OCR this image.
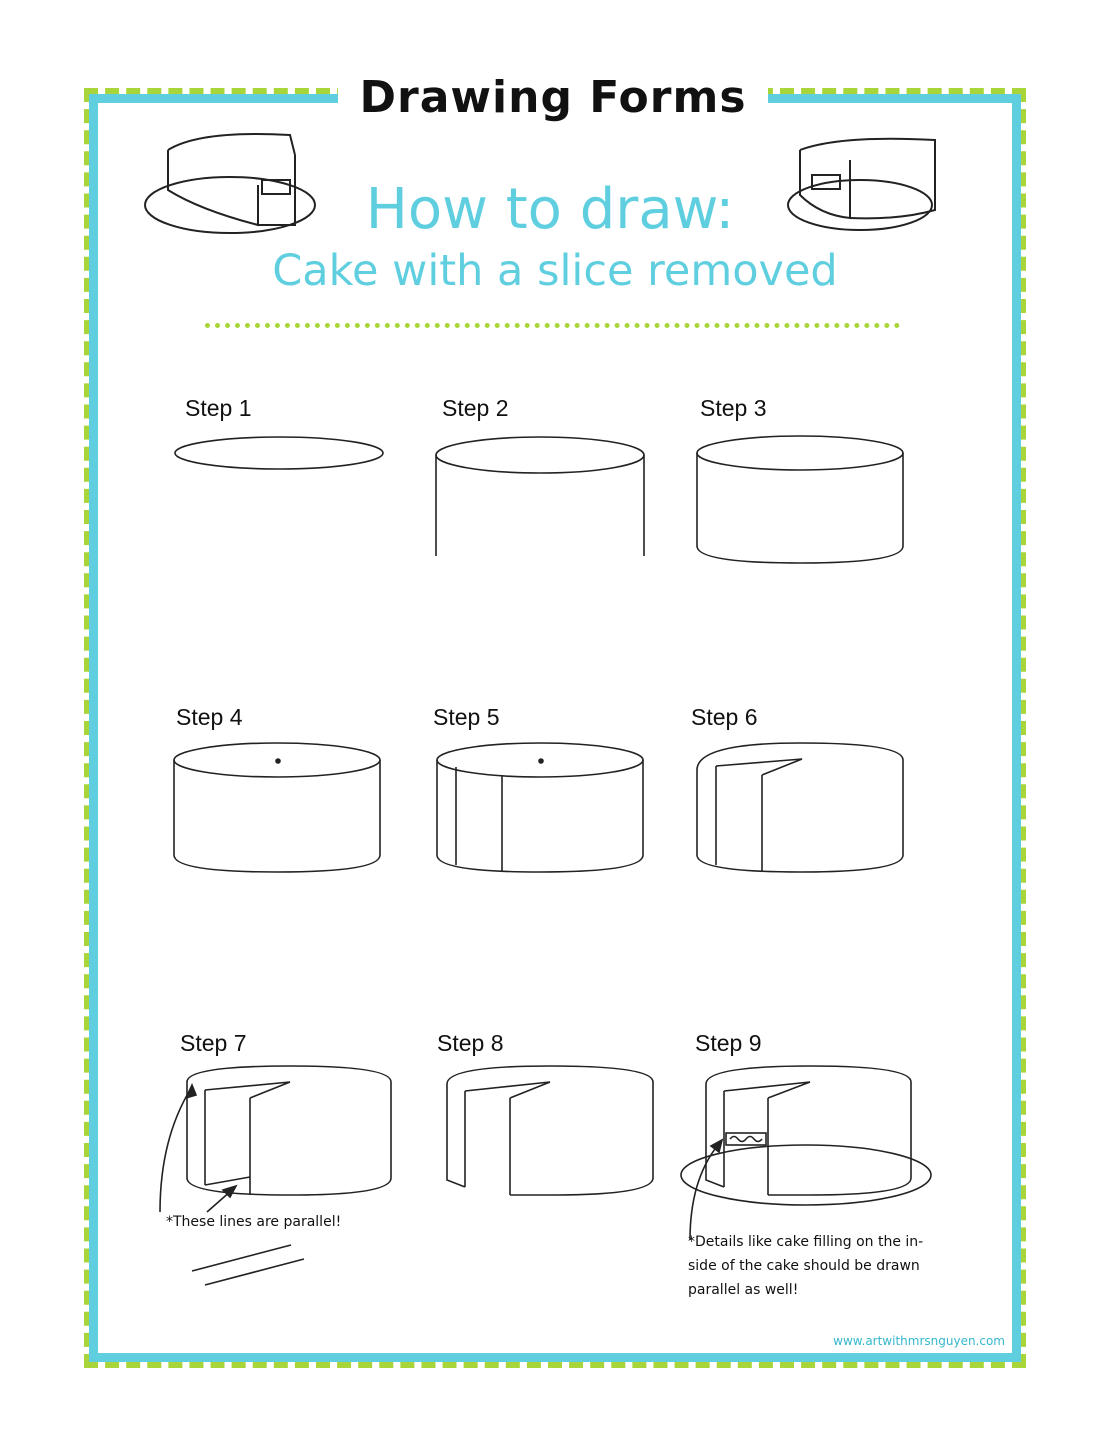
Drawing Forms
How to draw:
Cake with a slice removed
Step 1	Step 2	Step 3
Step 4	Step 5	Step 6
Step 7	Step 8	Step 9
*These lines are parallel!
*Details like cake filling on the in-
side of the cake should be drawn
parallel as well!
www.artwithmrsnguyen.com
